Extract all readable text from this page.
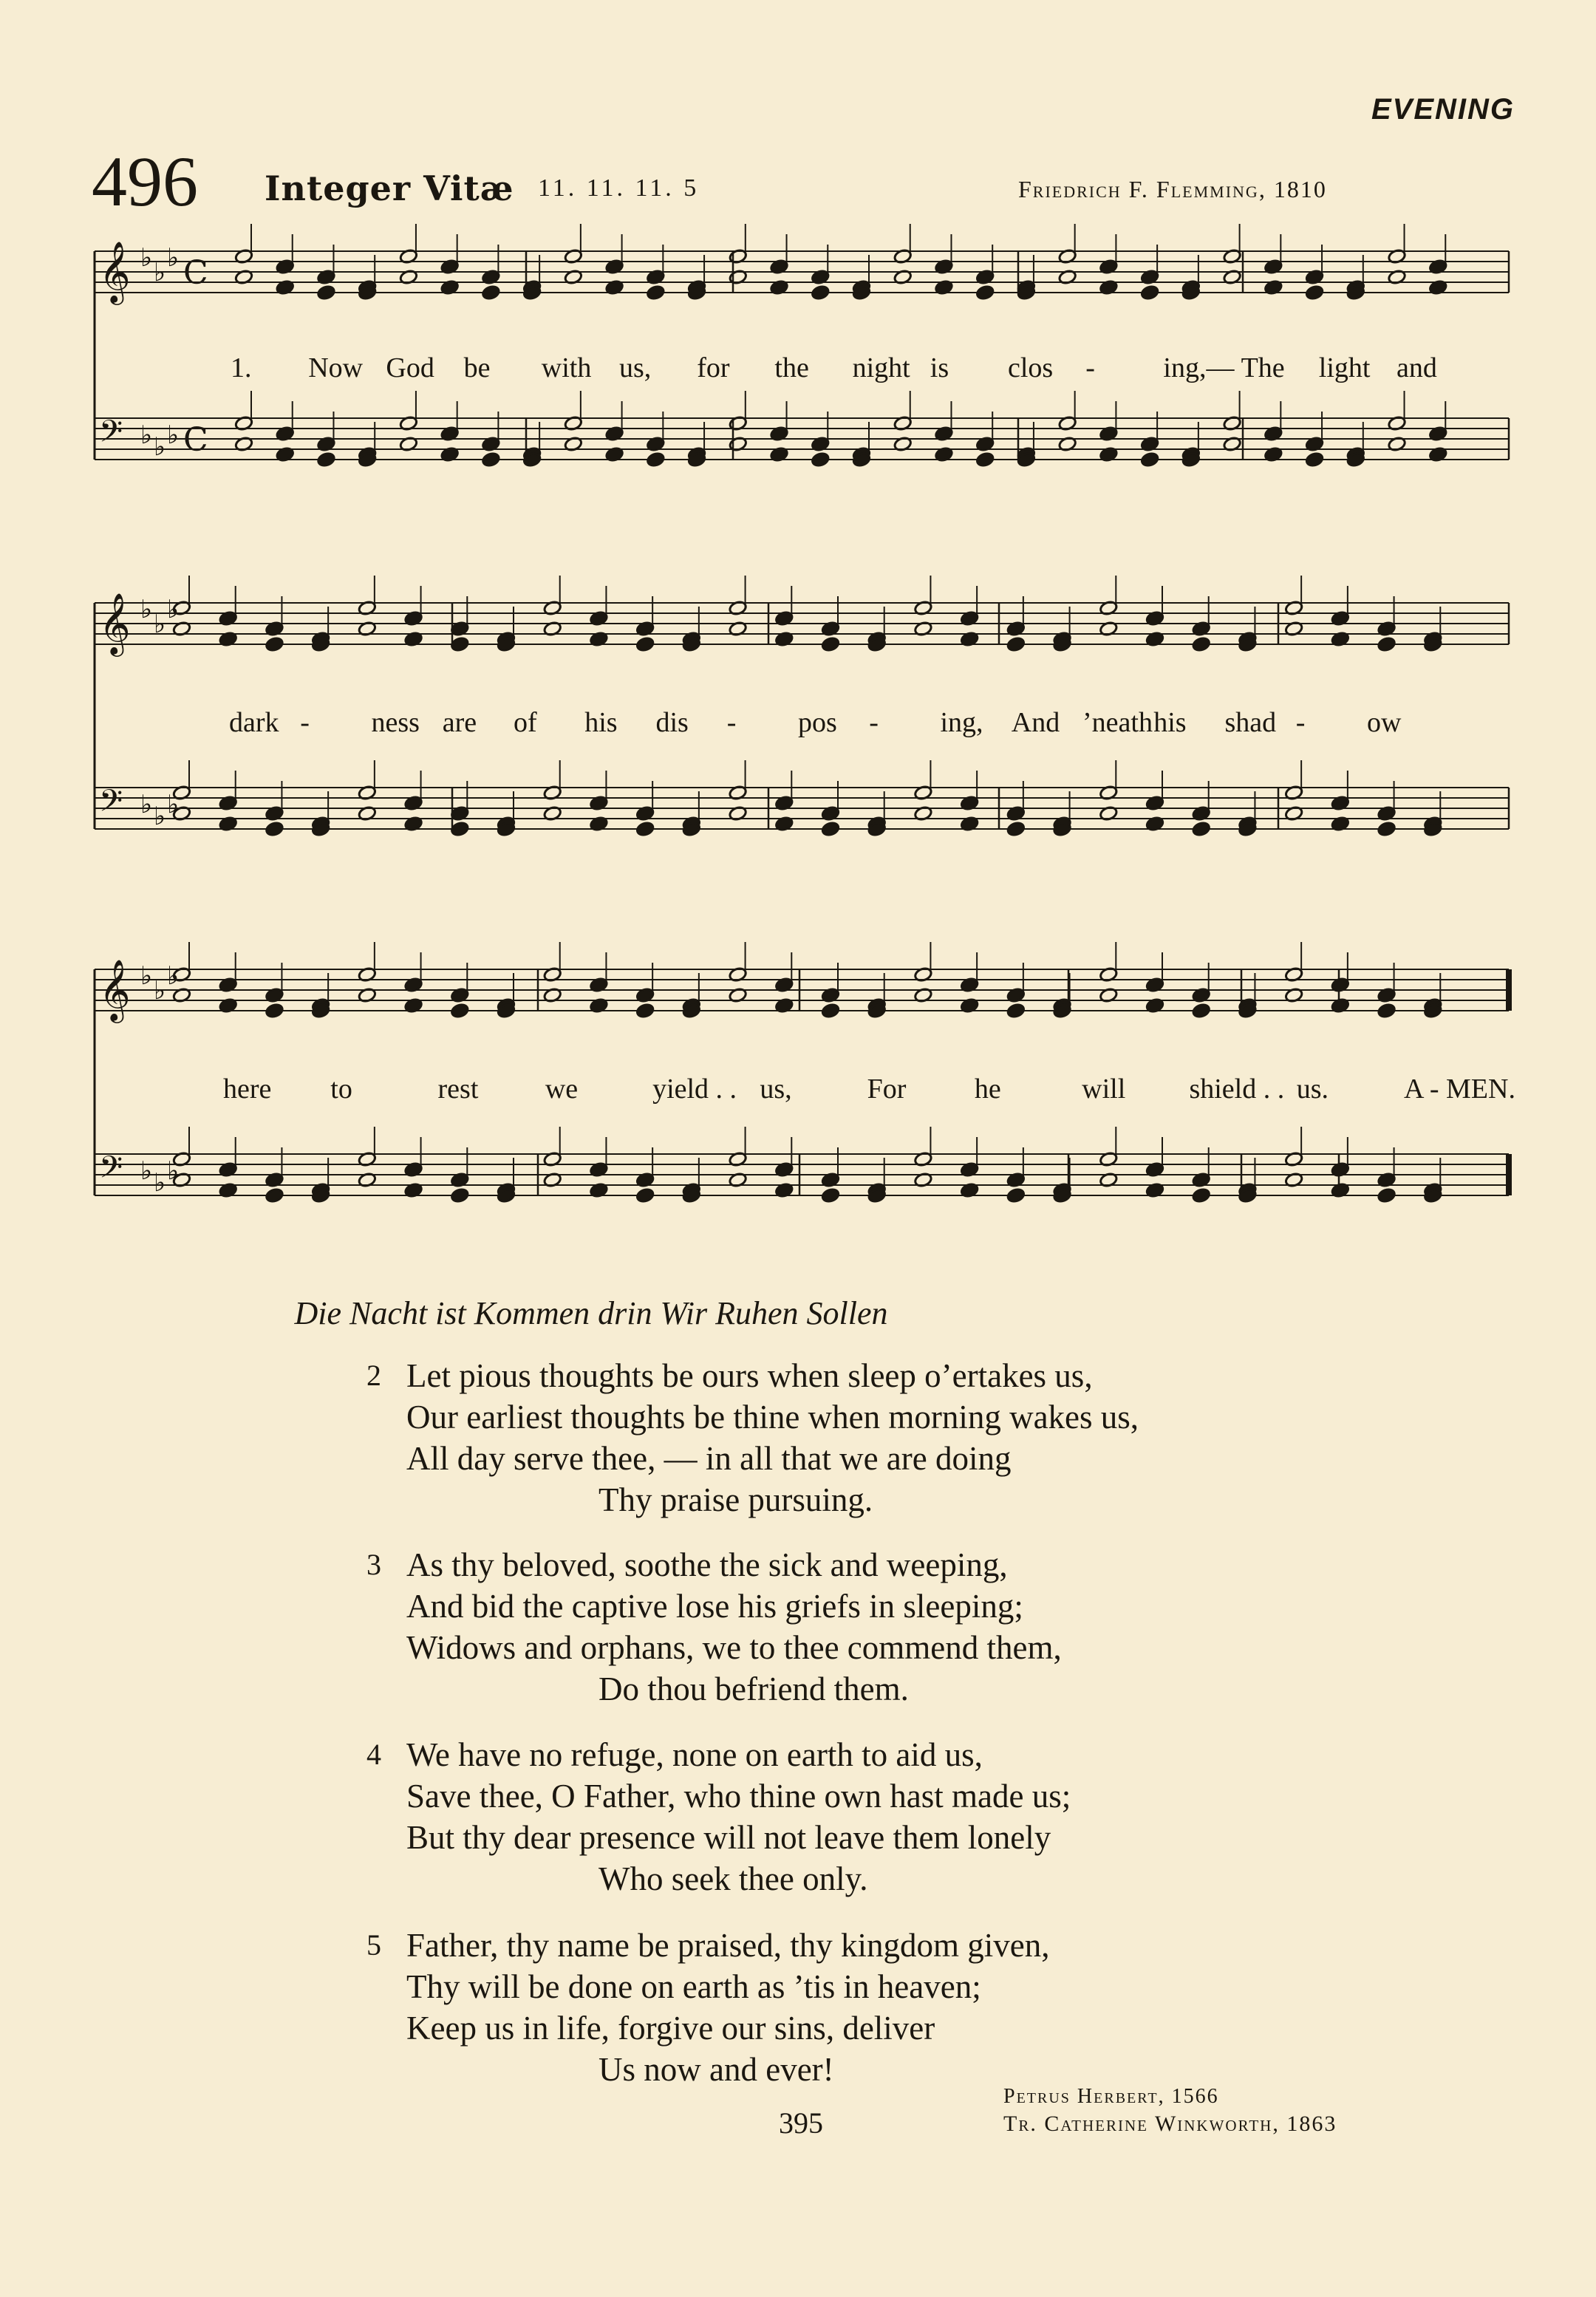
EVENING
496 Integer Vitæ 11. 11. 11. 5	Friedrich F. Flemming, 1810
𝄞 ♭ ♭ ♭ C
𝄢 ♭ ♭ ♭ C
𝄞 ♭ ♭ ♭
𝄢 ♭ ♭ ♭
𝄞 ♭ ♭ ♭
𝄢 ♭ ♭ ♭
1. Now God be with us, for the night is clos - ing,— The light and
dark - ness are of his dis - pos - ing, And ’neath his shad - ow
here to	rest we	yield . . us,	For he	will shield . . us.	A - MEN.
Die Nacht ist Kommen drin Wir Ruhen Sollen
2 Let pious thoughts be ours when sleep o’ertakes us,
Our earliest thoughts be thine when morning wakes us,
All day serve thee, — in all that we are doing
Thy praise pursuing.
3 As thy beloved, soothe the sick and weeping,
And bid the captive lose his griefs in sleeping;
Widows and orphans, we to thee commend them,
Do thou befriend them.
4 We have no refuge, none on earth to aid us,
Save thee, O Father, who thine own hast made us;
But thy dear presence will not leave them lonely
Who seek thee only.
5 Father, thy name be praised, thy kingdom given,
Thy will be done on earth as ’tis in heaven;
Keep us in life, forgive our sins, deliver
Us now and ever!
Petrus Herbert, 1566
Tr. Catherine Winkworth, 1863
395
